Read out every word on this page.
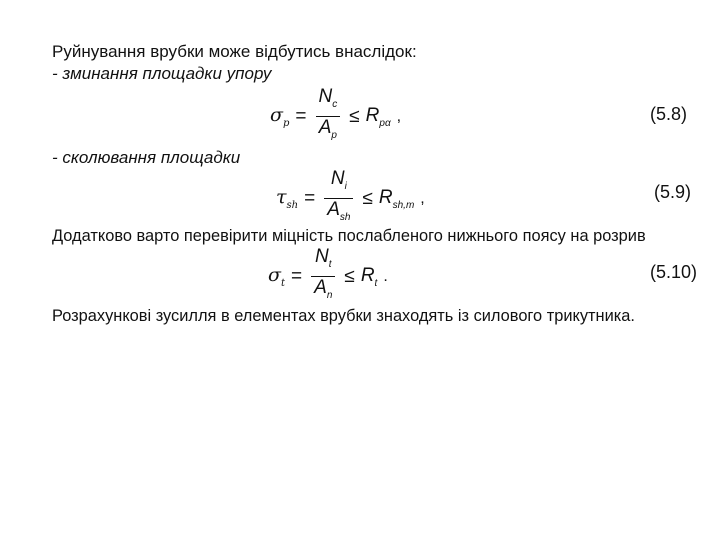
Руйнування врубки може відбутись внаслідок:
- зминання площадки упору
$\sigma_p = \frac{N_c}{A_p} \le R_{p\alpha}$ ,	(5.8)
- сколювання площадки
$\tau_{sh} = \frac{N_i}{A_{sh}} \le R_{sh,m}$ ,	(5.9)
Додатково варто перевірити міцність послабленого нижнього поясу на розрив
$\sigma_t = \frac{N_t}{A_n} \le R_t$ .	(5.10)
Розрахункові зусилля в елементах врубки знаходять із силового трикутника.
